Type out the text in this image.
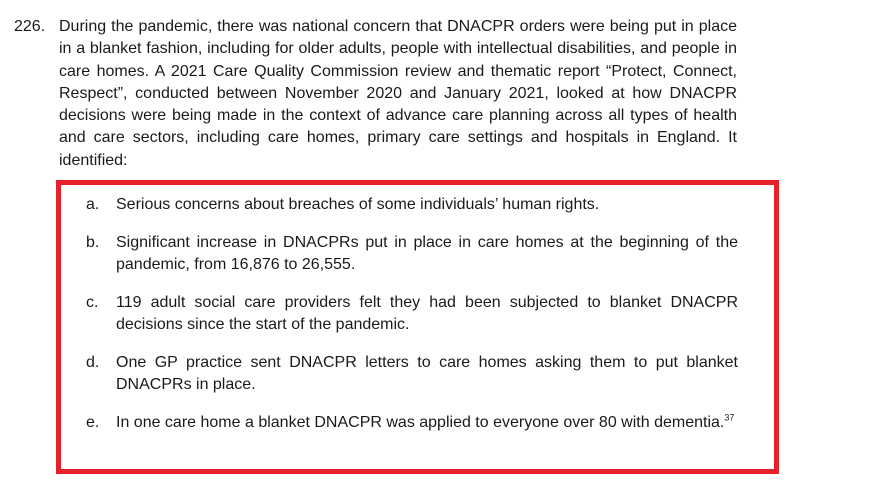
226. During the pandemic, there was national concern that DNACPR orders were being put in place in a blanket fashion, including for older adults, people with intellectual disabilities, and people in care homes. A 2021 Care Quality Commission review and thematic report “Protect, Connect, Respect”, conducted between November 2020 and January 2021, looked at how DNACPR decisions were being made in the context of advance care planning across all types of health and care sectors, including care homes, primary care settings and hospitals in England. It identified:
a. Serious concerns about breaches of some individuals’ human rights.
b. Significant increase in DNACPRs put in place in care homes at the beginning of the pandemic, from 16,876 to 26,555.
c. 119 adult social care providers felt they had been subjected to blanket DNACPR decisions since the start of the pandemic.
d. One GP practice sent DNACPR letters to care homes asking them to put blanket DNACPRs in place.
e. In one care home a blanket DNACPR was applied to everyone over 80 with dementia.$^{37}$
